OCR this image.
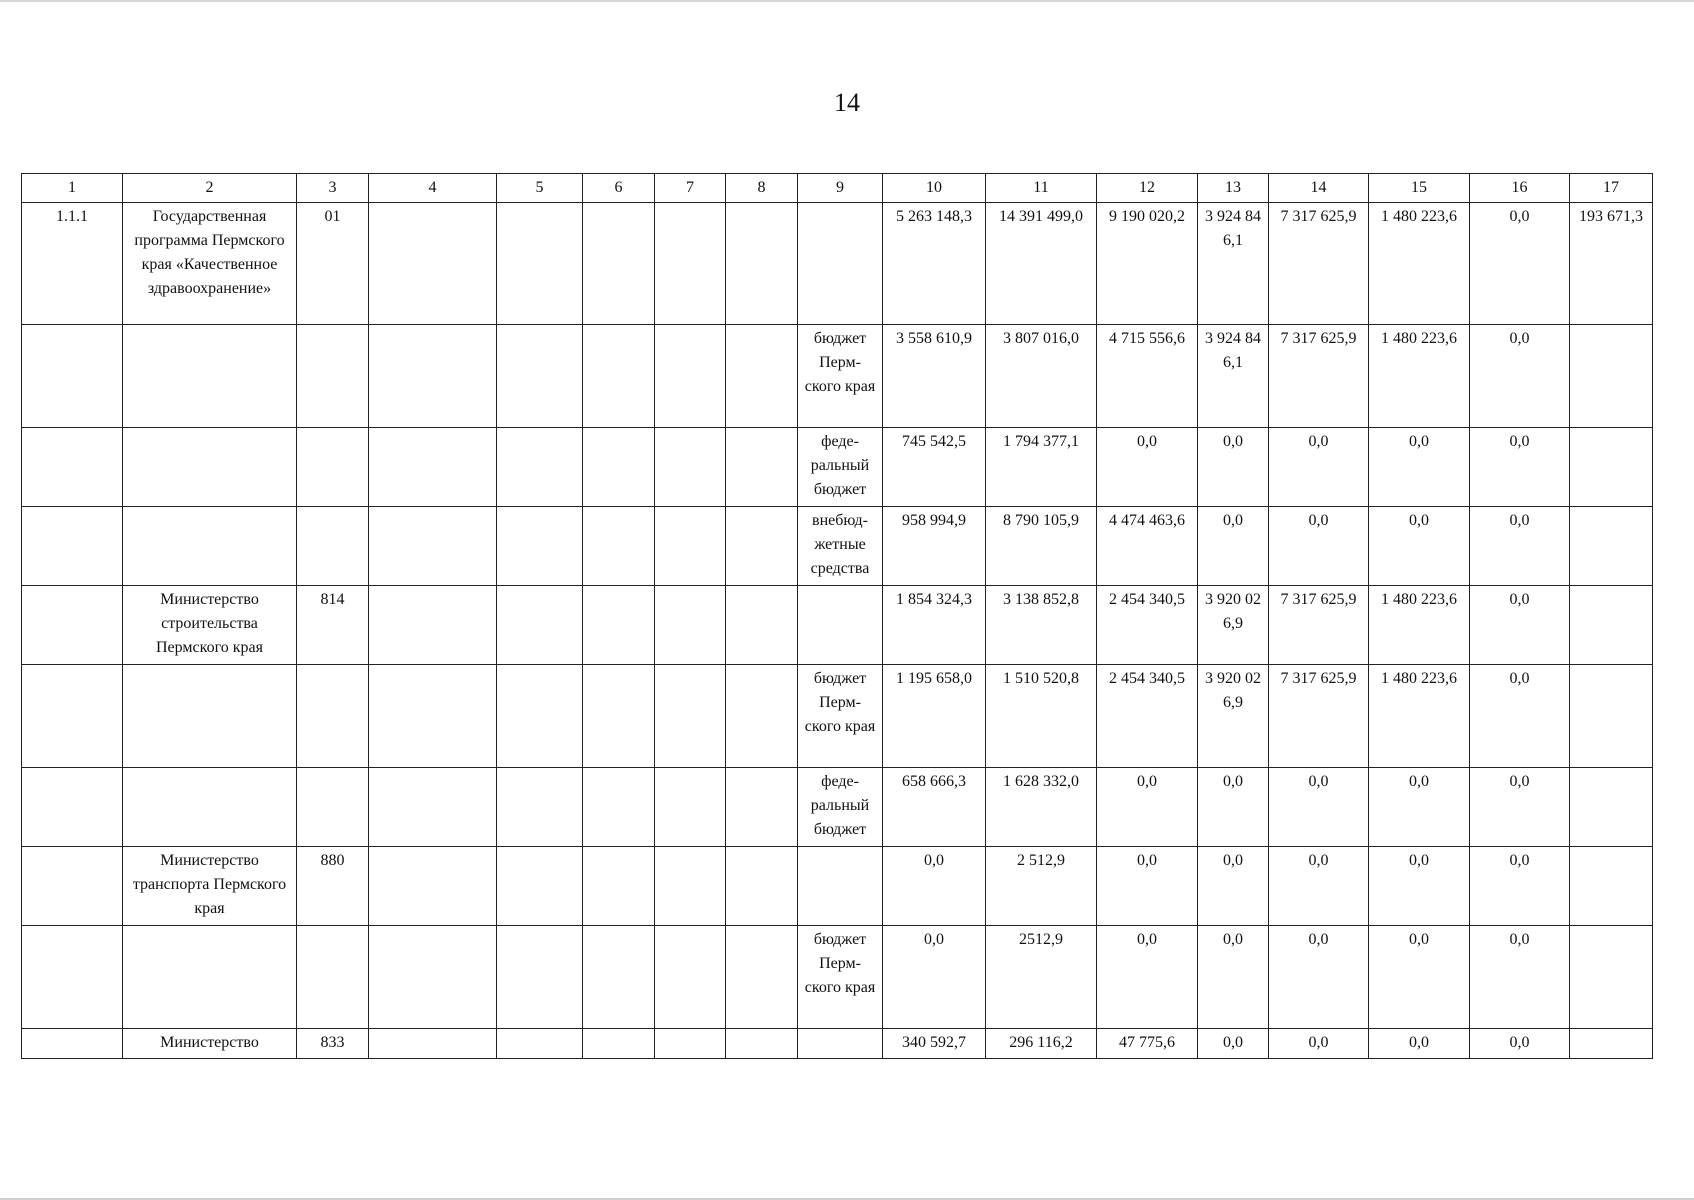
14
1	2	3	4	5	6	7	8	9	10	11	12	13	14	15	16	17
1.1.1	Государственная программа Пермского края «Качественное здравоохранение»	01							5 263 148,3	14 391 499,0	9 190 020,2	3 924 846,1	7 317 625,9	1 480 223,6	0,0	193 671,3
								бюджет Перм-ского края	3 558 610,9	3 807 016,0	4 715 556,6	3 924 846,1	7 317 625,9	1 480 223,6	0,0	
								феде-ральный бюджет	745 542,5	1 794 377,1	0,0	0,0	0,0	0,0	0,0	
								внебюд-жетные средства	958 994,9	8 790 105,9	4 474 463,6	0,0	0,0	0,0	0,0	
	Министерство строительства Пермского края	814							1 854 324,3	3 138 852,8	2 454 340,5	3 920 026,9	7 317 625,9	1 480 223,6	0,0	
								бюджет Перм-ского края	1 195 658,0	1 510 520,8	2 454 340,5	3 920 026,9	7 317 625,9	1 480 223,6	0,0	
								феде-ральный бюджет	658 666,3	1 628 332,0	0,0	0,0	0,0	0,0	0,0	
	Министерство транспорта Пермского края	880							0,0	2 512,9	0,0	0,0	0,0	0,0	0,0	
								бюджет Перм-ского края	0,0	2512,9	0,0	0,0	0,0	0,0	0,0	
	Министерство	833							340 592,7	296 116,2	47 775,6	0,0	0,0	0,0	0,0	
